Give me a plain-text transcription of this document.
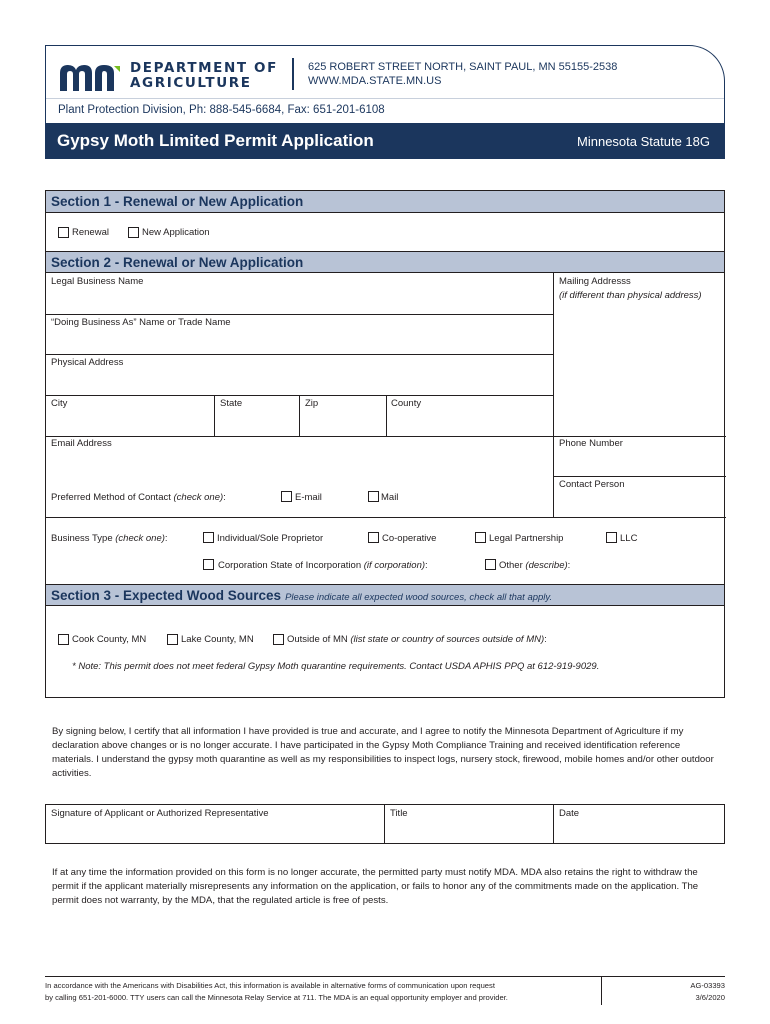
DEPARTMENT OF
AGRICULTURE
625 ROBERT STREET NORTH, SAINT PAUL, MN 55155-2538
WWW.MDA.STATE.MN.US
Plant Protection Division, Ph: 888-545-6684, Fax: 651-201-6108
Gypsy Moth Limited Permit Application	Minnesota Statute 18G
Section 1 - Renewal or New Application
Renewal	New Application
Section 2 - Renewal or New Application
Legal Business Name	Mailing Addresss
(if different than physical address)
“Doing Business As” Name or Trade Name
Physical Address
City	State	Zip	County
Email Address	Phone Number
Contact Person
Preferred Method of Contact (check one):	E-mail	Mail
Business Type (check one):	Individual/Sole Proprietor	Co-operative	Legal Partnership	LLC
Corporation State of Incorporation (if corporation):	Other (describe):
Section 3 - Expected Wood Sources Please indicate all expected wood sources, check all that apply.
Cook County, MN	Lake County, MN	Outside of MN (list state or country of sources outside of MN):
* Note: This permit does not meet federal Gypsy Moth quarantine requirements. Contact USDA APHIS PPQ at 612-919-9029.
By signing below, I certify that all information I have provided is true and accurate, and I agree to notify the Minnesota Department of Agriculture if my declaration above changes or is no longer accurate. I have participated in the Gypsy Moth Compliance Training and received identification reference materials. I understand the gypsy moth quarantine as well as my responsibilities to inspect logs, nursery stock, firewood, mobile homes and/or other outdoor activities.
Signature of Applicant or Authorized Representative	Title	Date
If at any time the information provided on this form is no longer accurate, the permitted party must notify MDA. MDA also retains the right to withdraw the permit if the applicant materially misrepresents any information on the application, or fails to honor any of the commitments made on the application. The permit does not warranty, by the MDA, that the regulated article is free of pests.
In accordance with the Americans with Disabilities Act, this information is available in alternative forms of communication upon request
by calling 651-201-6000. TTY users can call the Minnesota Relay Service at 711. The MDA is an equal opportunity employer and provider.
AG-03393
3/6/2020
